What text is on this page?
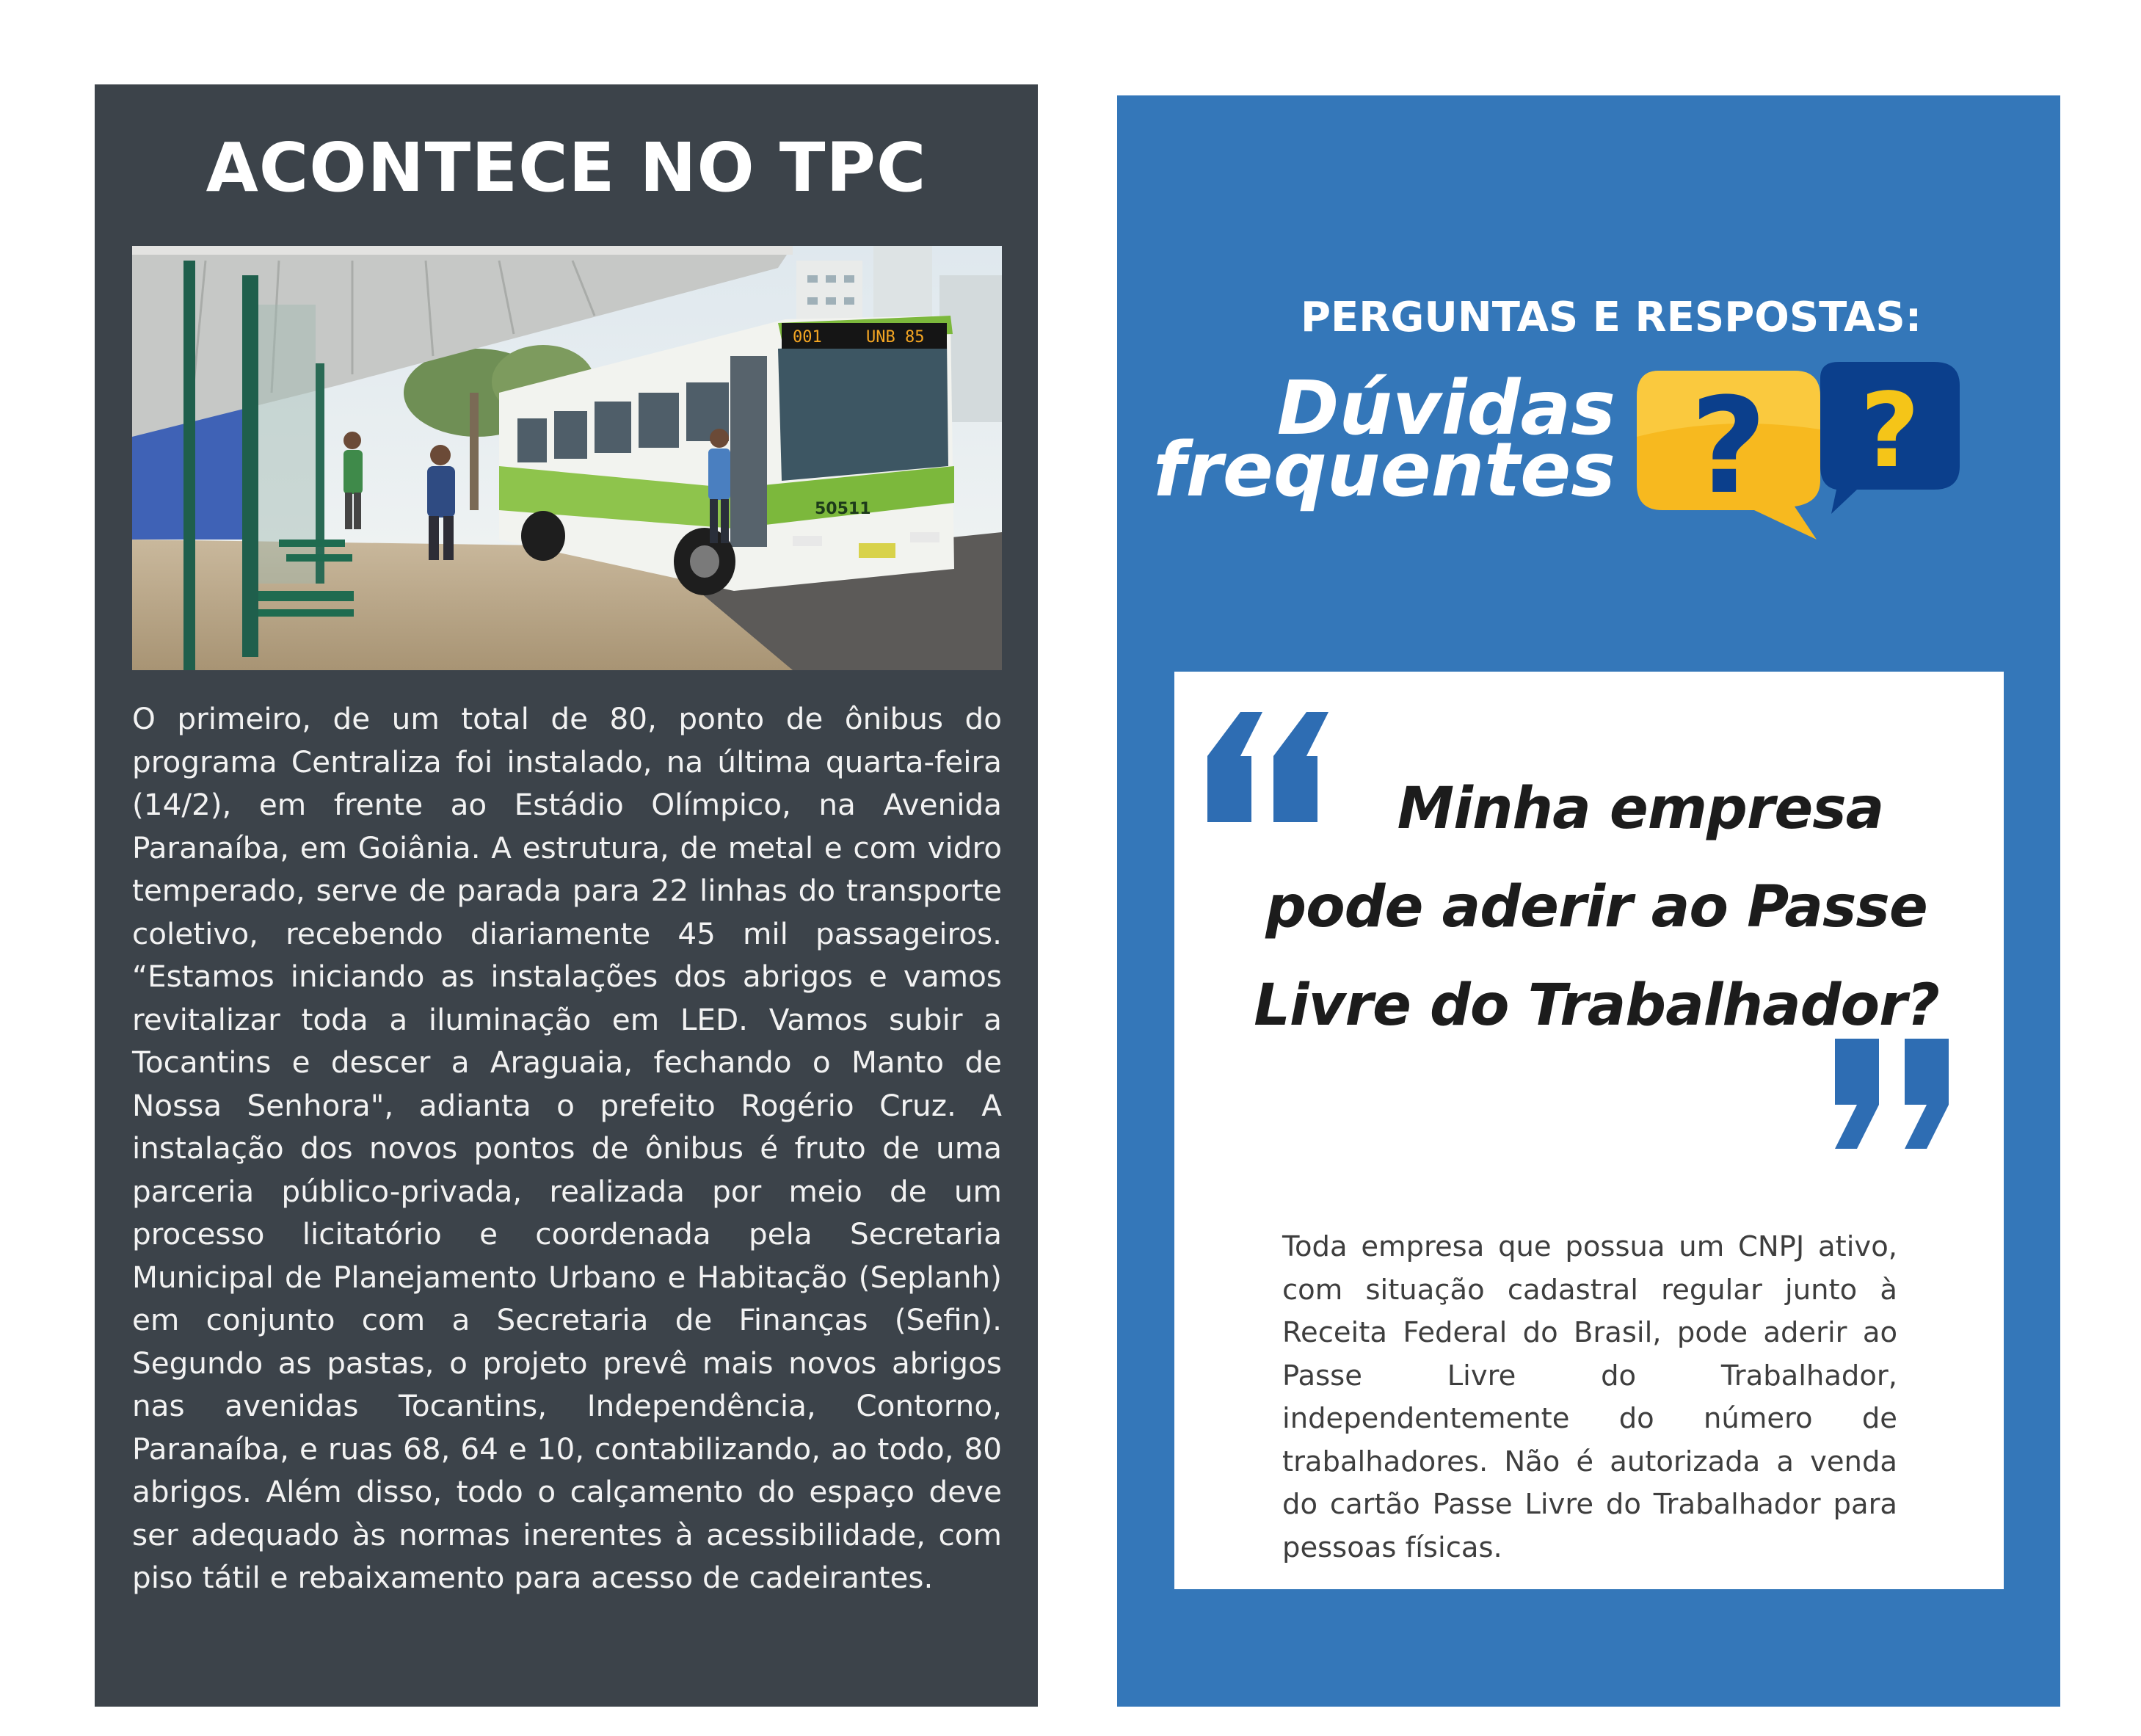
ACONTECE NO TPC
001	UNB 85
50511
O primeiro, de um total de 80, ponto de ônibus do programa Centraliza foi instalado, na última quarta-feira (14/2), em frente ao Estádio Olímpico, na Avenida Paranaíba, em Goiânia. A estrutura, de metal e com vidro temperado, serve de parada para 22 linhas do transporte coletivo, recebendo diariamente 45 mil passageiros. “Estamos iniciando as instalações dos abrigos e vamos revitalizar toda a iluminação em LED. Vamos subir a Tocantins e descer a Araguaia, fechando o Manto de Nossa Senhora", adianta o prefeito Rogério Cruz. A instalação dos novos pontos de ônibus é fruto de uma parceria público-privada, realizada por meio de um processo licitatório e coordenada pela Secretaria Municipal de Planejamento Urbano e Habitação (Seplanh) em conjunto com a Secretaria de Finanças (Sefin). Segundo as pastas, o projeto prevê mais novos abrigos nas avenidas Tocantins, Independência, Contorno, Paranaíba, e ruas 68, 64 e 10, contabilizando, ao todo, 80 abrigos. Além disso, todo o calçamento do espaço deve ser adequado às normas inerentes à acessibilidade, com piso tátil e rebaixamento para acesso de cadeirantes.
PERGUNTAS E RESPOSTAS:
Dúvidas
frequentes ?
?
Minha empresa
pode aderir ao Passe
Livre do Trabalhador?
Toda empresa que possua um CNPJ ativo, com situação cadastral regular junto à Receita Federal do Brasil, pode aderir ao Passe Livre do Trabalhador, independentemente do número de trabalhadores. Não é autorizada a venda do cartão Passe Livre do Trabalhador para pessoas físicas.
